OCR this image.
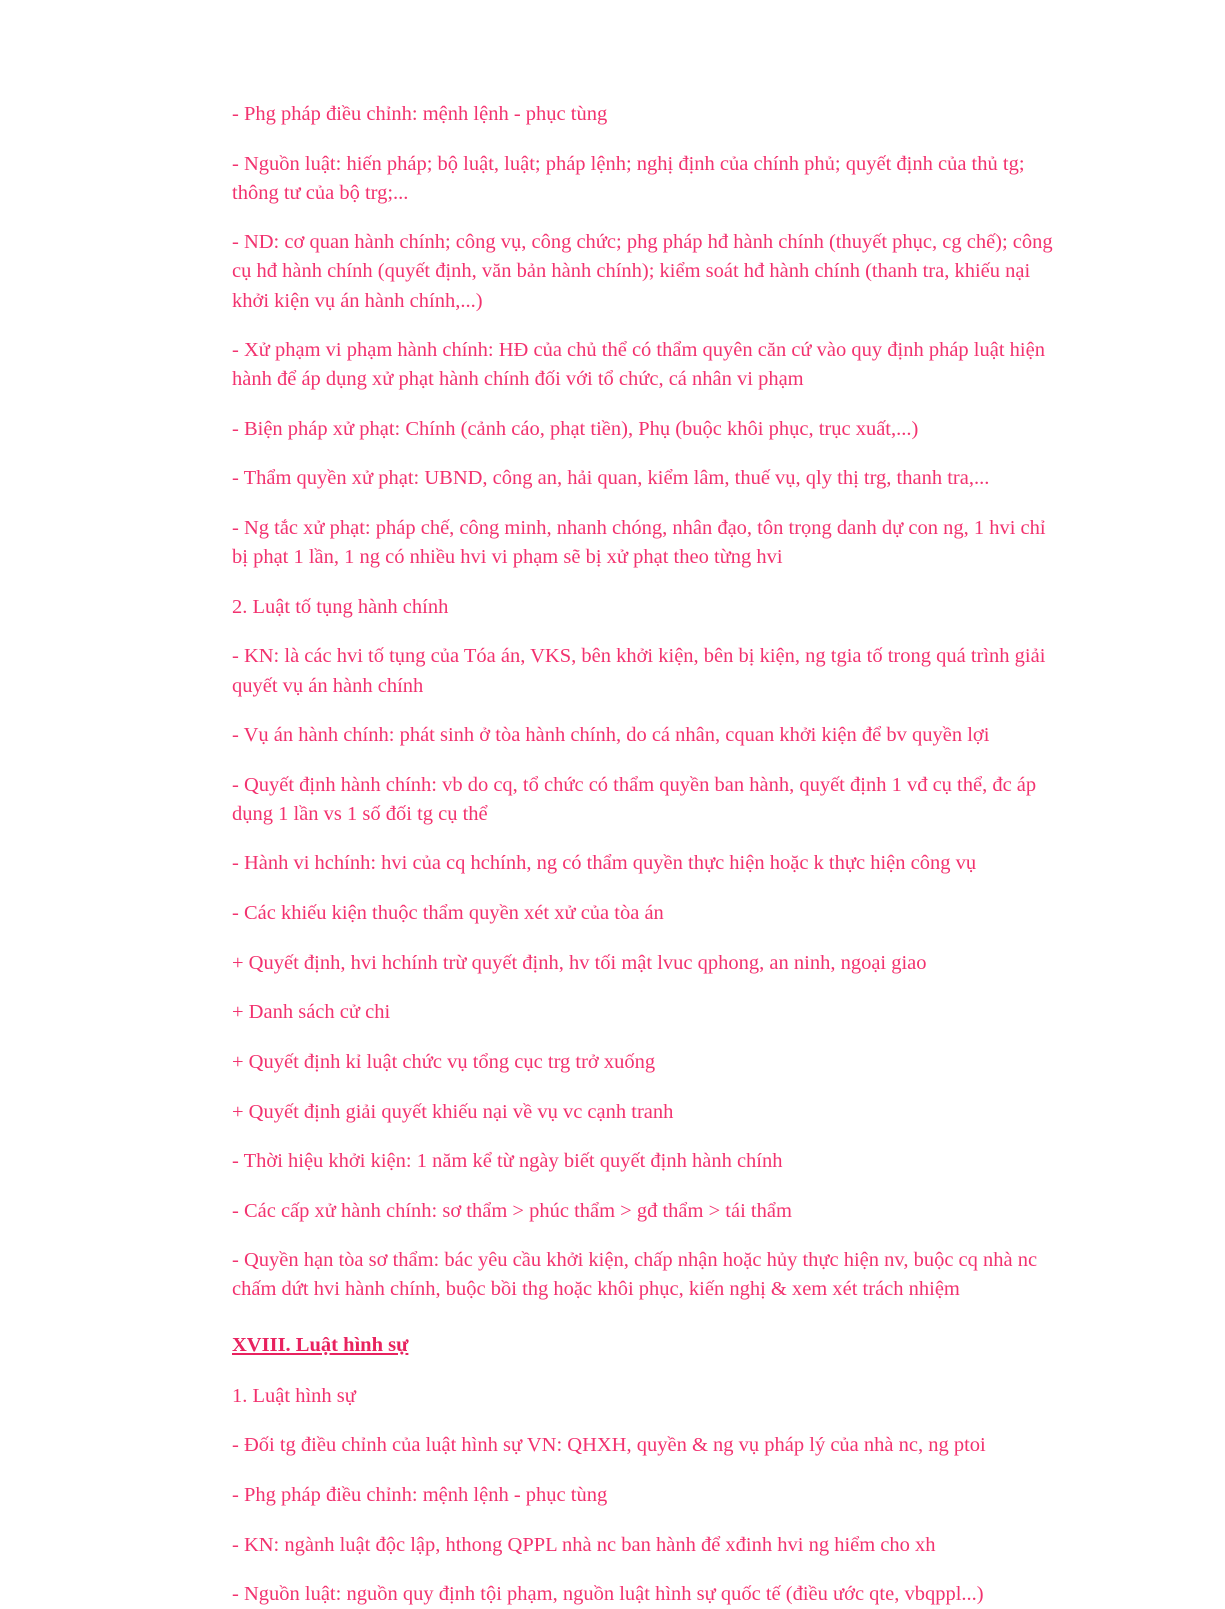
- Phg pháp điều chỉnh: mệnh lệnh - phục tùng
- Nguồn luật: hiến pháp; bộ luật, luật; pháp lệnh; nghị định của chính phủ; quyết định của thủ tg; thông tư của bộ trg;...
- ND: cơ quan hành chính; công vụ, công chức; phg pháp hđ hành chính (thuyết phục, cg chế); công cụ hđ hành chính (quyết định, văn bản hành chính); kiểm soát hđ hành chính (thanh tra, khiếu nại khởi kiện vụ án hành chính,...)
- Xử phạm vi phạm hành chính: HĐ của chủ thể có thẩm quyên căn cứ vào quy định pháp luật hiện hành để áp dụng xử phạt hành chính đối với tổ chức, cá nhân vi phạm
- Biện pháp xử phạt: Chính (cảnh cáo, phạt tiền), Phụ (buộc khôi phục, trục xuất,...)
- Thẩm quyền xử phạt: UBND, công an, hải quan, kiểm lâm, thuế vụ, qly thị trg, thanh tra,...
- Ng tắc xử phạt: pháp chế, công minh, nhanh chóng, nhân đạo, tôn trọng danh dự con ng, 1 hvi chỉ bị phạt 1 lần, 1 ng có nhiều hvi vi phạm sẽ bị xử phạt theo từng hvi
2. Luật tố tụng hành chính
- KN: là các hvi tố tụng của Tóa án, VKS, bên khởi kiện, bên bị kiện, ng tgia tố trong quá trình giải quyết vụ án hành chính
- Vụ án hành chính: phát sinh ở tòa hành chính, do cá nhân, cquan khởi kiện để bv quyền lợi
- Quyết định hành chính: vb do cq, tổ chức có thẩm quyền ban hành, quyết định 1 vđ cụ thể, đc áp dụng 1 lần vs 1 số đối tg cụ thể
- Hành vi hchính: hvi của cq hchính, ng có thẩm quyền thực hiện hoặc k thực hiện công vụ
- Các khiếu kiện thuộc thẩm quyền xét xử của tòa án
+ Quyết định, hvi hchính trừ quyết định, hv tối mật lvuc qphong, an ninh, ngoại giao
+ Danh sách cử chi
+ Quyết định kỉ luật chức vụ tổng cục trg trở xuống
+ Quyết định giải quyết khiếu nại về vụ vc cạnh tranh
- Thời hiệu khởi kiện: 1 năm kể từ ngày biết quyết định hành chính
- Các cấp xử hành chính: sơ thẩm > phúc thẩm > gđ thẩm > tái thẩm
- Quyền hạn tòa sơ thẩm: bác yêu cầu khởi kiện, chấp nhận hoặc hủy thực hiện nv, buộc cq nhà nc chấm dứt hvi hành chính, buộc bồi thg hoặc khôi phục, kiến nghị & xem xét trách nhiệm
XVIII. Luật hình sự
1. Luật hình sự
- Đối tg điều chỉnh của luật hình sự VN: QHXH, quyền & ng vụ pháp lý của nhà nc, ng ptoi
- Phg pháp điều chỉnh: mệnh lệnh - phục tùng
- KN: ngành luật độc lập, hthong QPPL nhà nc ban hành để xđinh hvi ng hiểm cho xh
- Nguồn luật: nguồn quy định tội phạm, nguồn luật hình sự quốc tế (điều ước qte, vbqppl...)
